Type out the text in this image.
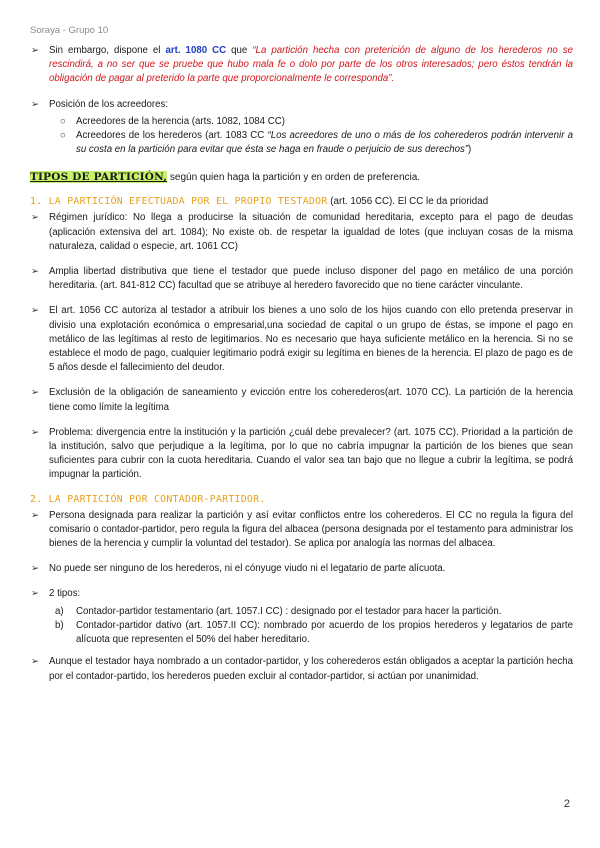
Soraya - Grupo 10
➢ Sin embargo, dispone el art. 1080 CC que “La partición hecha con preterición de alguno de los herederos no se rescindirá, a no ser que se pruebe que hubo mala fe o dolo por parte de los otros interesados; pero éstos tendrán la obligación de pagar al preterido la parte que proporcionalmente le corresponda”.
➢ Posición de los acreedores:
○ Acreedores de la herencia (arts. 1082, 1084 CC)
○ Acreedores de los herederos (art. 1083 CC “Los acreedores de uno o más de los coherederos podrán intervenir a su costa en la partición para evitar que ésta se haga en fraude o perjuicio de sus derechos”)
TIPOS DE PARTICIÓN, según quien haga la partición y en orden de preferencia.
1. LA PARTICIÓN EFECTUADA POR EL PROPIO TESTADOR (art. 1056 CC). El CC le da prioridad
➢ Régimen jurídico: No llega a producirse la situación de comunidad hereditaria, excepto para el pago de deudas (aplicación extensiva del art. 1084); No existe ob. de respetar la igualdad de lotes (que incluyan cosas de la misma naturaleza, calidad o especie, art. 1061 CC)
➢ Amplia libertad distributiva que tiene el testador que puede incluso disponer del pago en metálico de una porción hereditaria. (art. 841-812 CC) facultad que se atribuye al heredero favorecido que no tiene carácter vinculante.
➢ El art. 1056 CC autoriza al testador a atribuir los bienes a uno solo de los hijos cuando con ello pretenda preservar in divisio una explotación económica o empresarial,una sociedad de capital o un grupo de éstas, se impone el pago en metálico de las legítimas al resto de legitimarios. No es necesario que haya suficiente metálico en la herencia. Si no se establece el modo de pago, cualquier legitimario podrá exigir su legítima en bienes de la herencia. El plazo de pago es de 5 años desde el fallecimiento del deudor.
➢ Exclusión de la obligación de saneamiento y evicción entre los coherederos(art. 1070 CC). La partición de la herencia tiene como límite la legítima
➢ Problema: divergencia entre la institución y la partición ¿cuál debe prevalecer? (art. 1075 CC). Prioridad a la partición de la institución, salvo que perjudique a la legítima, por lo que no cabría impugnar la partición de los bienes que sean suficientes para cubrir con la cuota hereditaria. Cuando el valor sea tan bajo que no llegue a cubrir la legítima, se podrá impugnar la partición.
2. LA PARTICIÓN POR CONTADOR-PARTIDOR.
➢ Persona designada para realizar la partición y así evitar conflictos entre los coherederos. El CC no regula la figura del comisario o contador-partidor, pero regula la figura del albacea (persona designada por el testamento para administrar los bienes de la herencia y cumplir la voluntad del testador). Se aplica por analogía las normas del albacea.
➢ No puede ser ninguno de los herederos, ni el cónyuge viudo ni el legatario de parte alícuota.
➢ 2 tipos:
a) Contador-partidor testamentario (art. 1057.I CC) : designado por el testador para hacer la partición.
b) Contador-partidor dativo (art. 1057.II CC): nombrado por acuerdo de los propios herederos y legatarios de parte alícuota que representen el 50% del haber hereditario.
➢ Aunque el testador haya nombrado a un contador-partidor, y los coherederos están obligados a aceptar la partición hecha por el contador-partido, los herederos pueden excluir al contador-partidor, si actúan por unanimidad.
2
